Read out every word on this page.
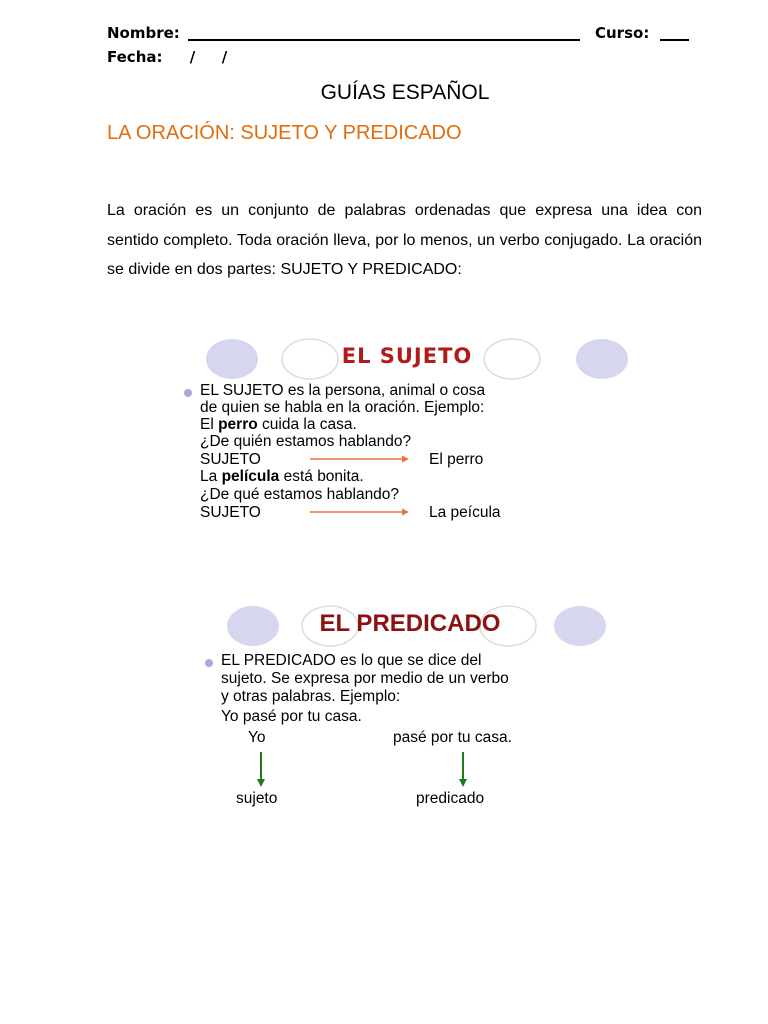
Nombre:	Curso:
Fecha: / /
GUÍAS ESPAÑOL
LA ORACIÓN: SUJETO Y PREDICADO
La oración es un conjunto de palabras ordenadas que expresa una idea con sentido completo. Toda oración lleva, por lo menos, un verbo conjugado. La oración se divide en dos partes: SUJETO Y PREDICADO:
EL SUJETO
EL SUJETO es la persona, animal o cosa
de quien se habla en la oración. Ejemplo:
El perro cuida la casa.
¿De quién estamos hablando?
SUJETO	El perro
La película está bonita.
¿De qué estamos hablando?
SUJETO	La peícula
EL PREDICADO
EL PREDICADO es lo que se dice del
sujeto. Se expresa por medio de un verbo
y otras palabras. Ejemplo:
Yo pasé por tu casa.
Yo	pasé por tu casa.
sujeto	predicado
